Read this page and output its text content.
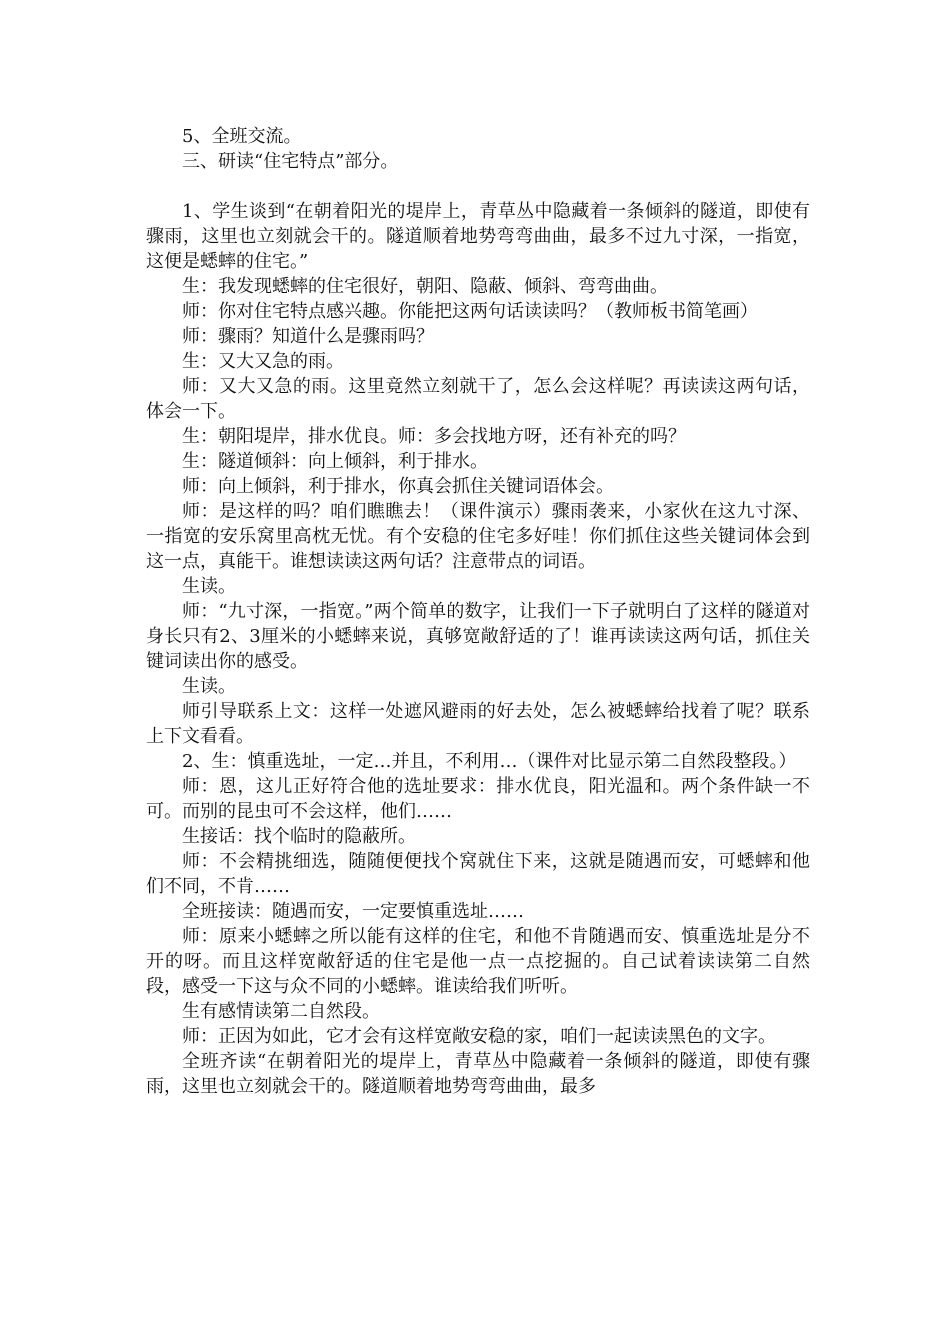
5、全班交流。

三、研读“住宅特点”部分。

1、学生谈到“在朝着阳光的堤岸上，青草丛中隐藏着一条倾斜的隧道，即使有骤雨，这里也立刻就会干的。隧道顺着地势弯弯曲曲，最多不过九寸深，一指宽，这便是蟋蟀的住宅。”

生：我发现蟋蟀的住宅很好，朝阳、隐蔽、倾斜、弯弯曲曲。

师：你对住宅特点感兴趣。你能把这两句话读读吗？（教师板书简笔画）

师：骤雨？知道什么是骤雨吗？

生：又大又急的雨。

师：又大又急的雨。这里竟然立刻就干了，怎么会这样呢？再读读这两句话，体会一下。

生：朝阳堤岸，排水优良。师：多会找地方呀，还有补充的吗？

生：隧道倾斜：向上倾斜，利于排水。

师：向上倾斜，利于排水，你真会抓住关键词语体会。

师：是这样的吗？咱们瞧瞧去！（课件演示）骤雨袭来，小家伙在这九寸深、一指宽的安乐窝里高枕无忧。有个安稳的住宅多好哇！你们抓住这些关键词体会到这一点，真能干。谁想读读这两句话？注意带点的词语。

生读。

师：“九寸深，一指宽。”两个简单的数字，让我们一下子就明白了这样的隧道对身长只有2、3厘米的小蟋蟀来说，真够宽敞舒适的了！谁再读读这两句话，抓住关键词读出你的感受。

生读。

师引导联系上文：这样一处遮风避雨的好去处，怎么被蟋蟀给找着了呢？联系上下文看看。

2、生：慎重选址，一定…并且，不利用…（课件对比显示第二自然段整段。）

师：恩，这儿正好符合他的选址要求：排水优良，阳光温和。两个条件缺一不可。而别的昆虫可不会这样，他们……

生接话：找个临时的隐蔽所。

师：不会精挑细选，随随便便找个窝就住下来，这就是随遇而安，可蟋蟀和他们不同，不肯……

全班接读：随遇而安，一定要慎重选址……

师：原来小蟋蟀之所以能有这样的住宅，和他不肯随遇而安、慎重选址是分不开的呀。而且这样宽敞舒适的住宅是他一点一点挖掘的。自己试着读读第二自然段，感受一下这与众不同的小蟋蟀。谁读给我们听听。

生有感情读第二自然段。

师：正因为如此，它才会有这样宽敞安稳的家，咱们一起读读黑色的文字。

全班齐读“在朝着阳光的堤岸上，青草丛中隐藏着一条倾斜的隧道，即使有骤雨，这里也立刻就会干的。隧道顺着地势弯弯曲曲，最多
